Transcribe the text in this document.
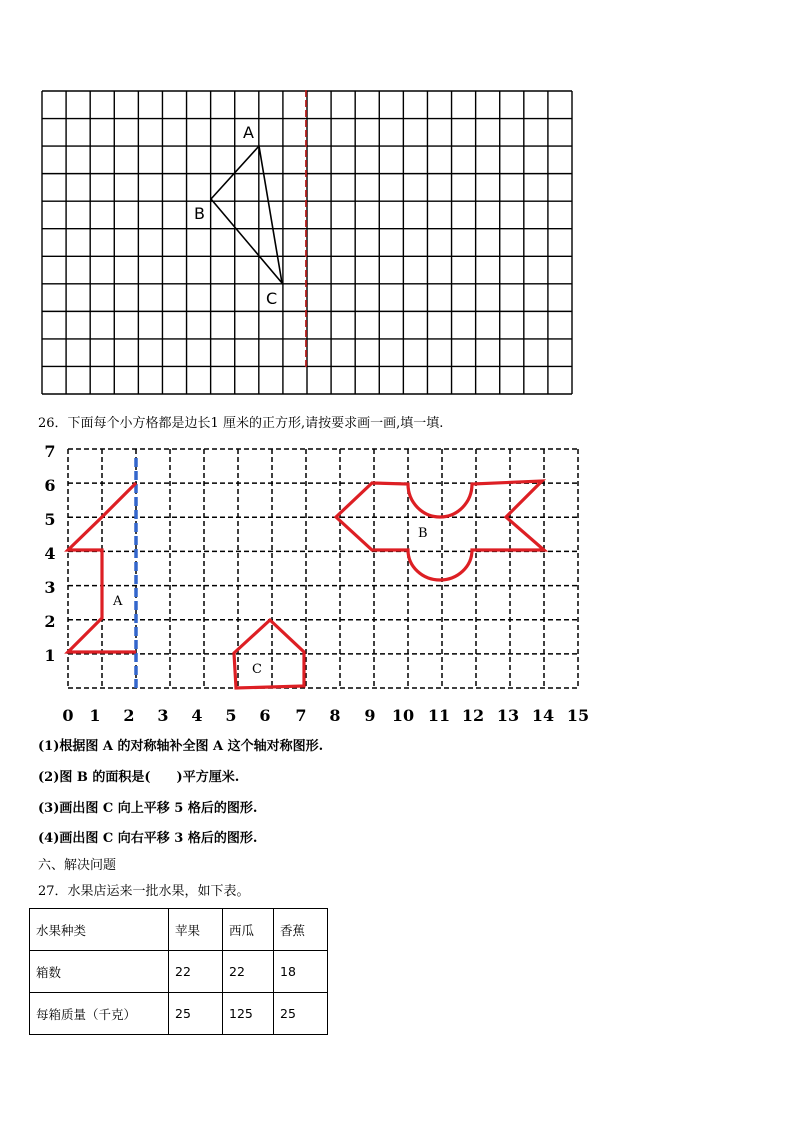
A
B
C
26．下面每个小方格都是边长1 厘米的正方形,请按要求画一画,填一填.
7
6
5
4
3
2
1
0 1 2 3 4 5 6 7 8 9 10 11 12 13 14 15
A
B
C
(1)根据图 A 的对称轴补全图 A 这个轴对称图形.
(2)图 B 的面积是(　　)平方厘米.
(3)画出图 C 向上平移 5 格后的图形.
(4)画出图 C 向右平移 3 格后的图形.
六、解决问题
27．水果店运来一批水果，如下表。
水果种类	苹果	西瓜	香蕉
箱数	22	22	18
每箱质量（千克）	25	125	25
